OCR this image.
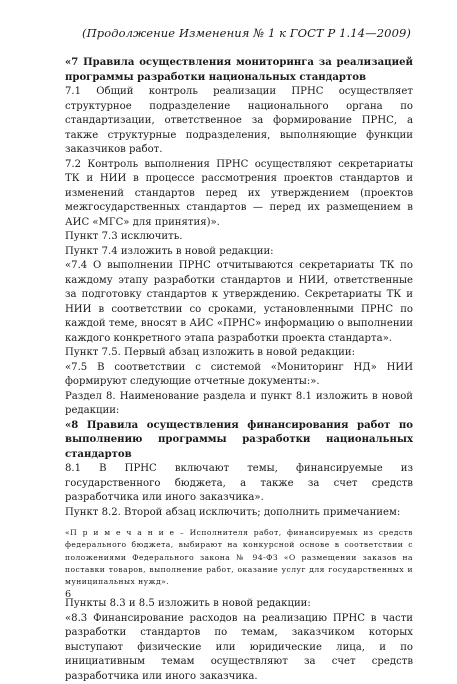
(Продолжение Изменения № 1 к ГОСТ Р 1.14—2009)

«7 Правила осуществления мониторинга за реализацией программы разработки национальных стандартов

7.1 Общий контроль реализации ПРНС осуществляет структурное подразделение национального органа по стандартизации, ответственное за формирование ПРНС, а также структурные подразделения, выполняющие функции заказчиков работ.

7.2 Контроль выполнения ПРНС осуществляют секретариаты ТК и НИИ в процессе рассмотрения проектов стандартов и изменений стандартов перед их утверждением (проектов межгосударственных стандартов — перед их размещением в АИС «МГС» для принятия)».

Пункт 7.3 исключить.

Пункт 7.4 изложить в новой редакции:

«7.4 О выполнении ПРНС отчитываются секретариаты ТК по каждому этапу разработки стандартов и НИИ, ответственные за подготовку стандартов к утверждению. Секретариаты ТК и НИИ в соответствии со сроками, установленными ПРНС по каждой теме, вносят в АИС «ПРНС» информацию о выполнении каждого конкретного этапа разработки проекта стандарта».

Пункт 7.5. Первый абзац изложить в новой редакции:

«7.5 В соответствии с системой «Мониторинг НД» НИИ формируют следующие отчетные документы:».

Раздел 8. Наименование раздела и пункт 8.1 изложить в новой редакции:

«8 Правила осуществления финансирования работ по выполнению программы разработки национальных стандартов

8.1 В ПРНС включают темы, финансируемые из государственного бюджета, а также за счет средств разработчика или иного заказчика».

Пункт 8.2. Второй абзац исключить; дополнить примечанием:

«П р и м е ч а н и е – Исполнителя работ, финансируемых из средств федерального бюджета, выбирают на конкурсной основе в соответствии с положениями Федерального закона № 94-ФЗ «О размещении заказов на поставки товаров, выполнение работ, оказание услуг для государственных и муниципальных нужд».

Пункты 8.3 и 8.5 изложить в новой редакции:

«8.3 Финансирование расходов на реализацию ПРНС в части разработки стандартов по темам, заказчиком которых выступают физические или юридические лица, и по инициативным темам осуществляют за счет средств разработчика или иного заказчика.

6
